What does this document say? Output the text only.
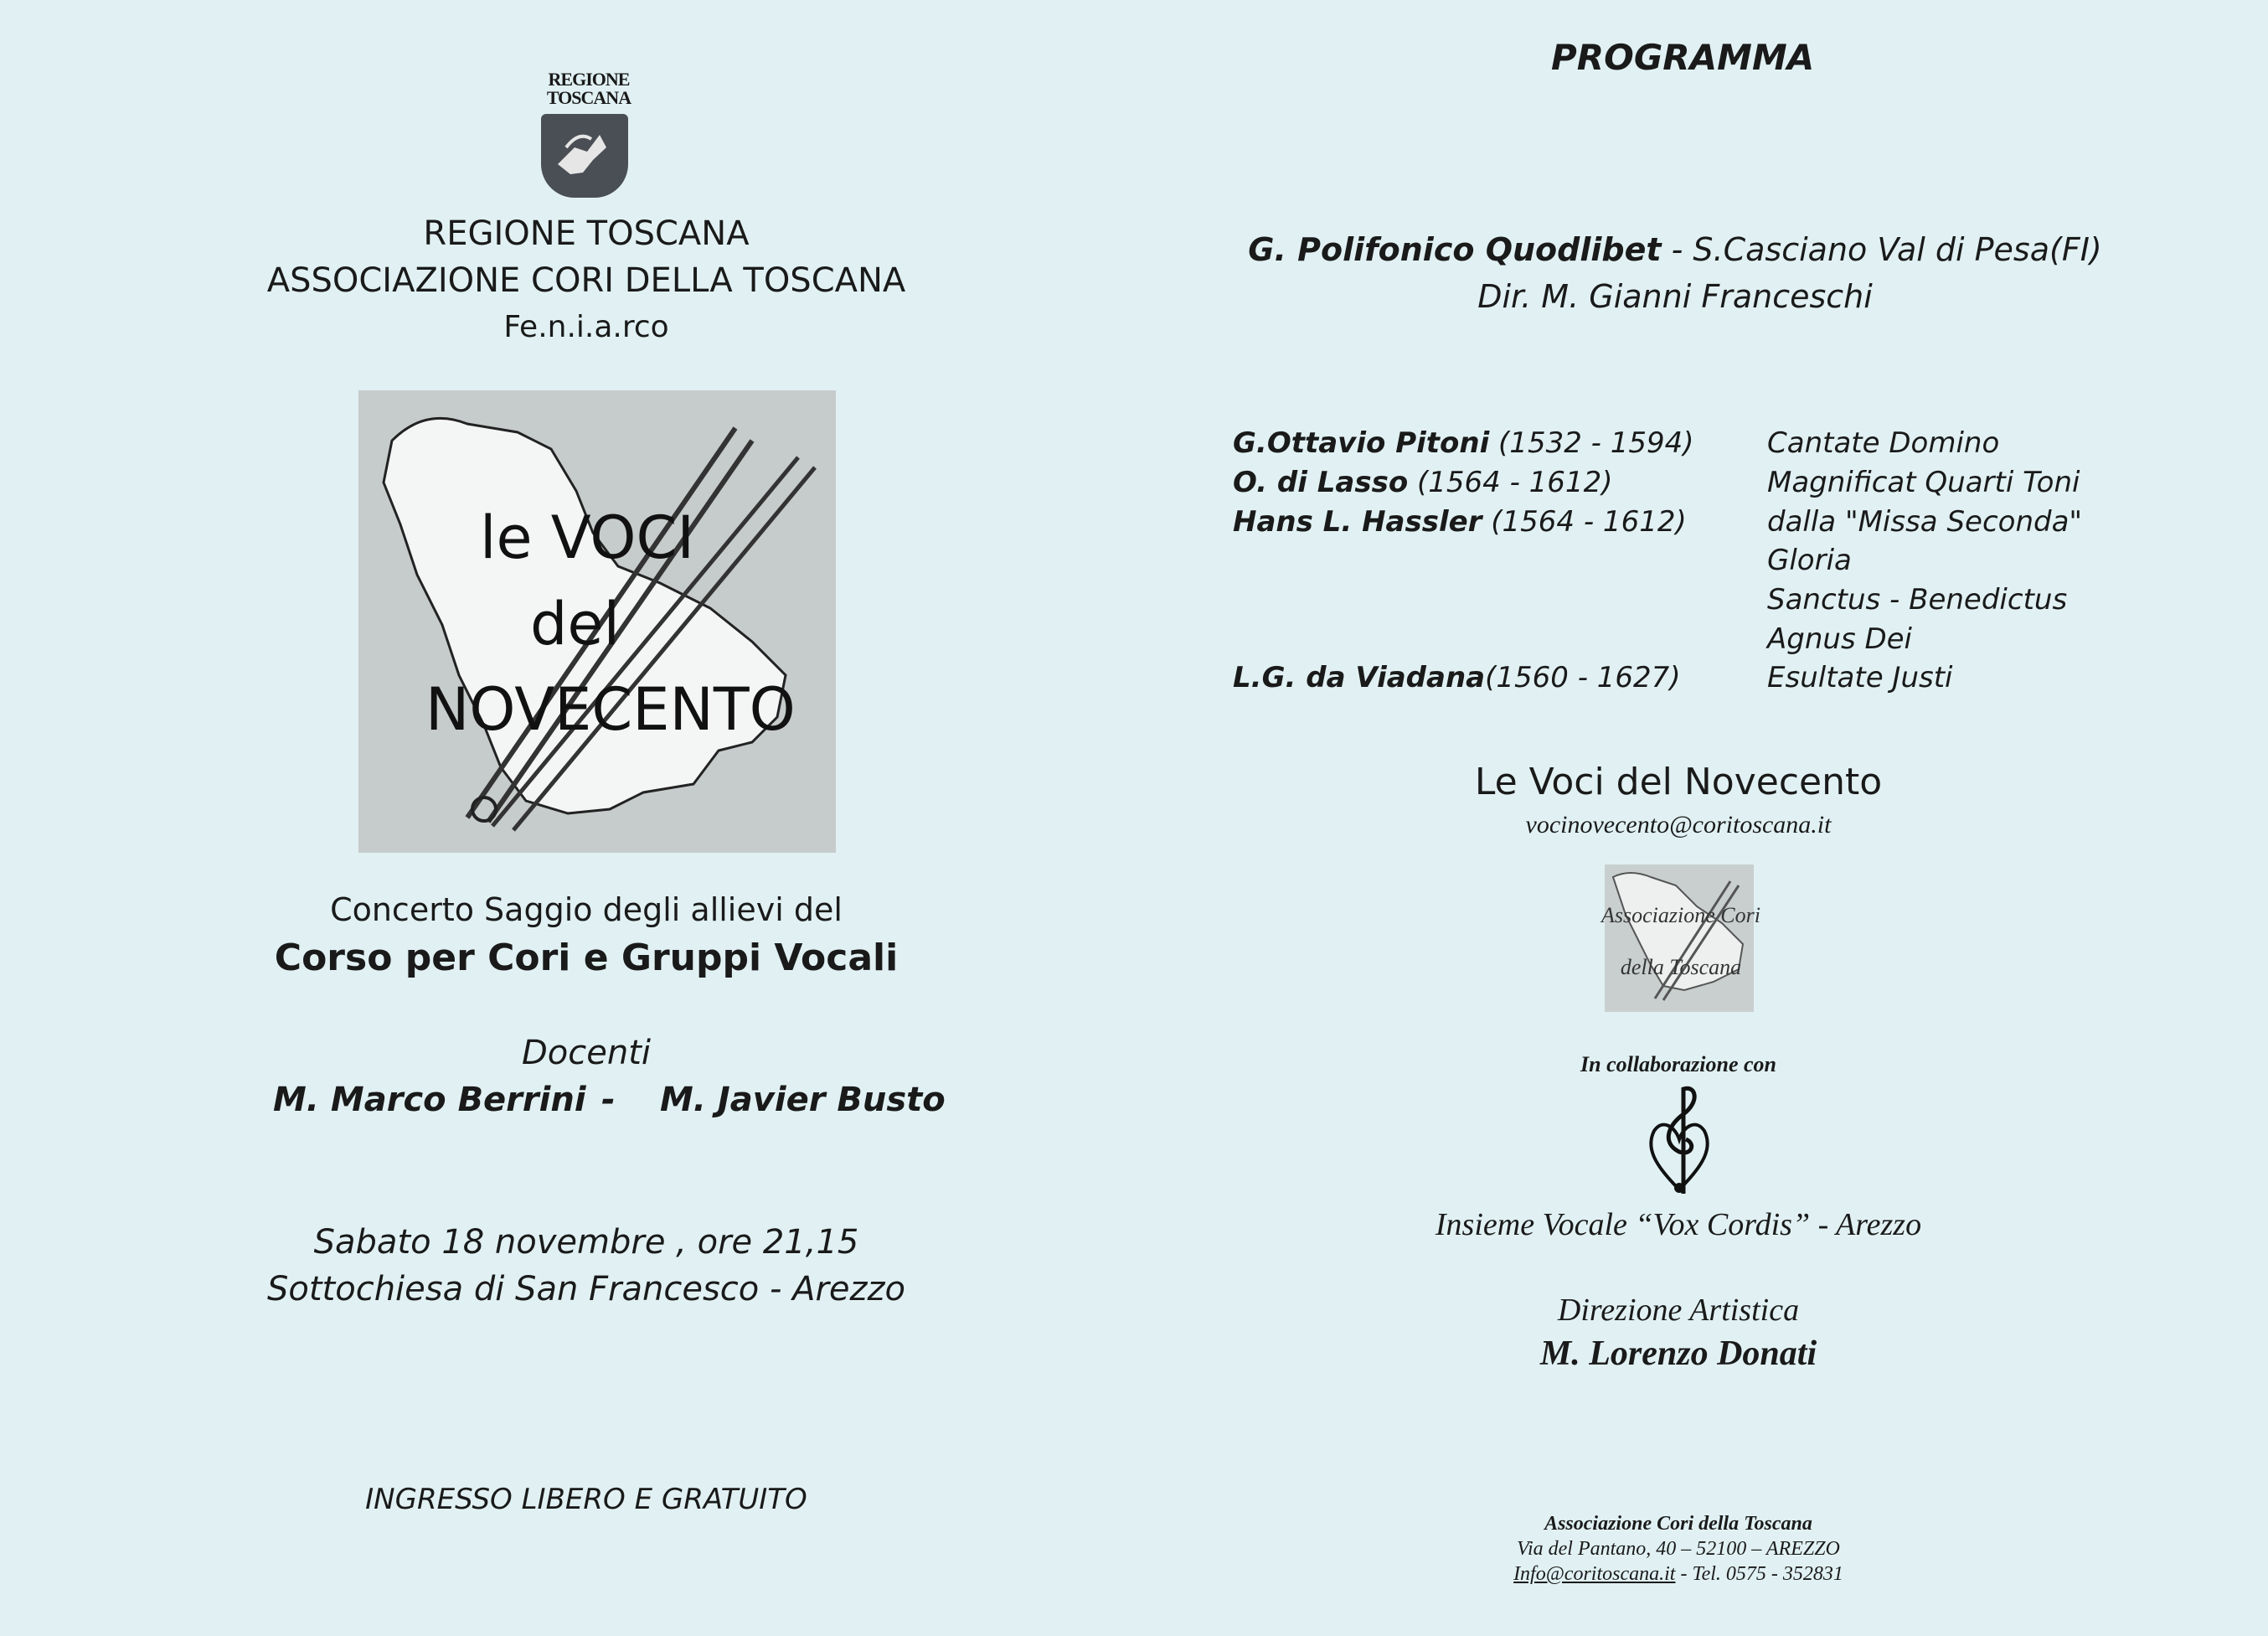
REGIONE
TOSCANA
REGIONE TOSCANA
ASSOCIAZIONE CORI DELLA TOSCANA
Fe.n.i.a.rco
le VOCI
del
NOVECENTO
Concerto Saggio degli allievi del
Corso per Cori e Gruppi Vocali
Docenti
M. Marco Berrini - M. Javier Busto
Sabato 18 novembre , ore 21,15
Sottochiesa di San Francesco - Arezzo
INGRESSO LIBERO E GRATUITO
PROGRAMMA
G. Polifonico Quodlibet - S.Casciano Val di Pesa(FI)
Dir. M. Gianni Franceschi
G.Ottavio Pitoni (1532 - 1594)
O. di Lasso (1564 - 1612)
Hans L. Hassler (1564 - 1612)
L.G. da Viadana(1560 - 1627)
Cantate Domino
Magnificat Quarti Toni
dalla "Missa Seconda"
Gloria
Sanctus - Benedictus
Agnus Dei
Esultate Justi
Le Voci del Novecento
vocinovecento@coritoscana.it
Associazione Cori
della Toscana
In collaborazione con
Insieme Vocale “Vox Cordis” - Arezzo
Direzione Artistica
M. Lorenzo Donati
Associazione Cori della Toscana
Via del Pantano, 40 – 52100 – AREZZO
Info@coritoscana.it - Tel. 0575 - 352831
